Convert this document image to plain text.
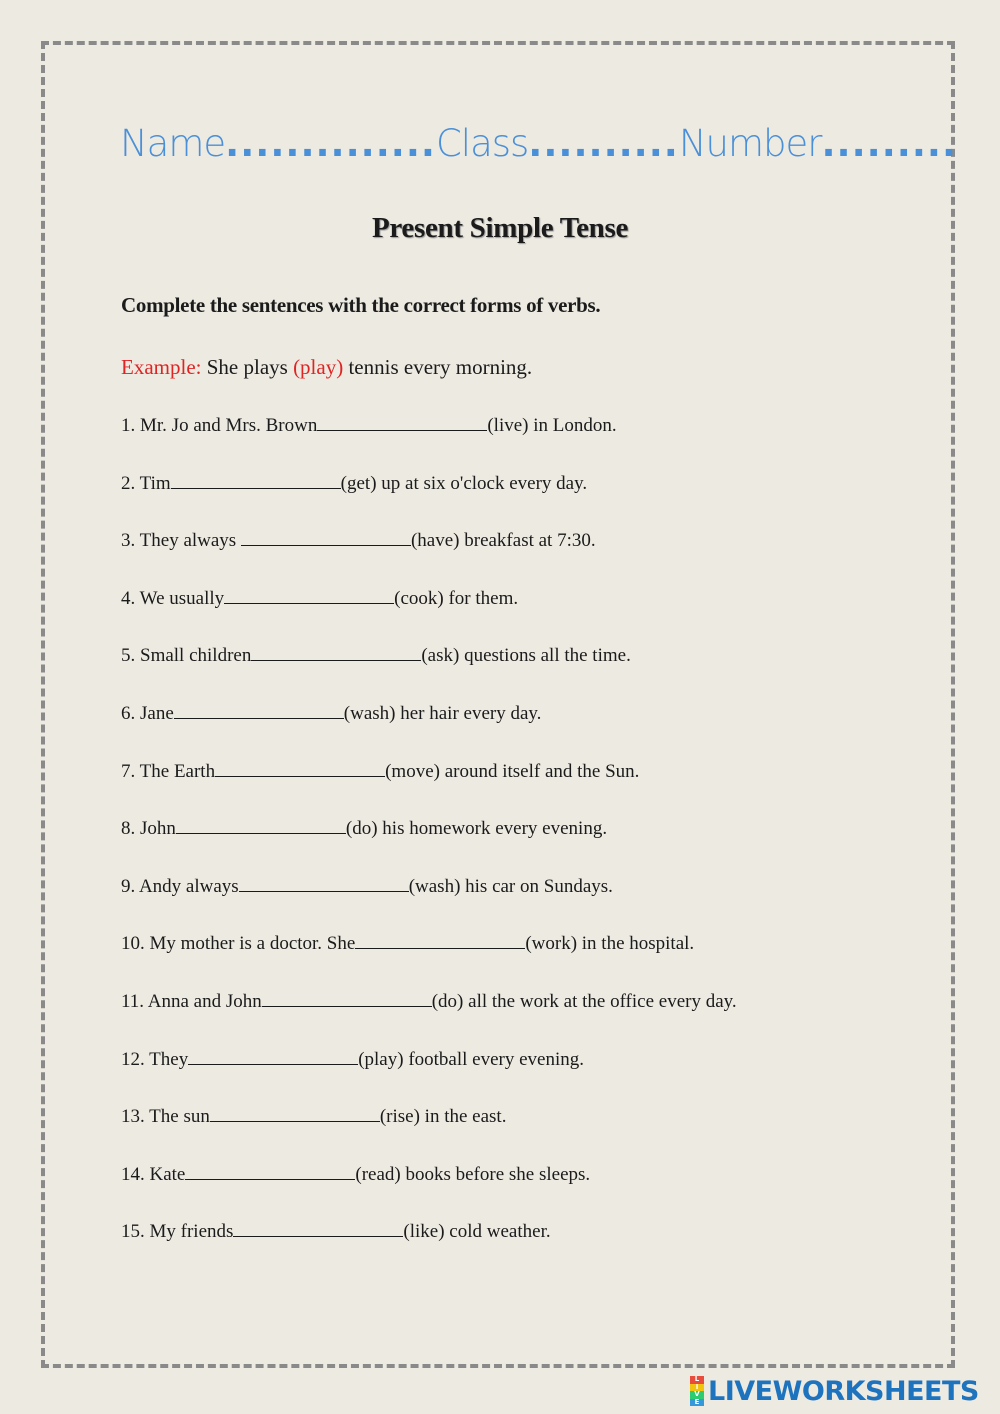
Name..............Class..........Number.........
Present Simple Tense
Complete the sentences with the correct forms of verbs.
Example: She plays (play) tennis every morning.
1. Mr. Jo and Mrs. Brown	(live) in London.
2. Tim	(get) up at six o'clock every day.
3. They always	(have) breakfast at 7:30.
4. We usually	(cook) for them.
5. Small children	(ask) questions all the time.
6. Jane	(wash) her hair every day.
7. The Earth	(move) around itself and the Sun.
8. John	(do) his homework every evening.
9. Andy always	(wash) his car on Sundays.
10. My mother is a doctor. She	(work) in the hospital.
11. Anna and John	(do) all the work at the office every day.
12. They	(play) football every evening.
13. The sun	(rise) in the east.
14. Kate	(read) books before she sleeps.
15. My friends	(like) cold weather.
L
I
V
E LIVEWORKSHEETS
